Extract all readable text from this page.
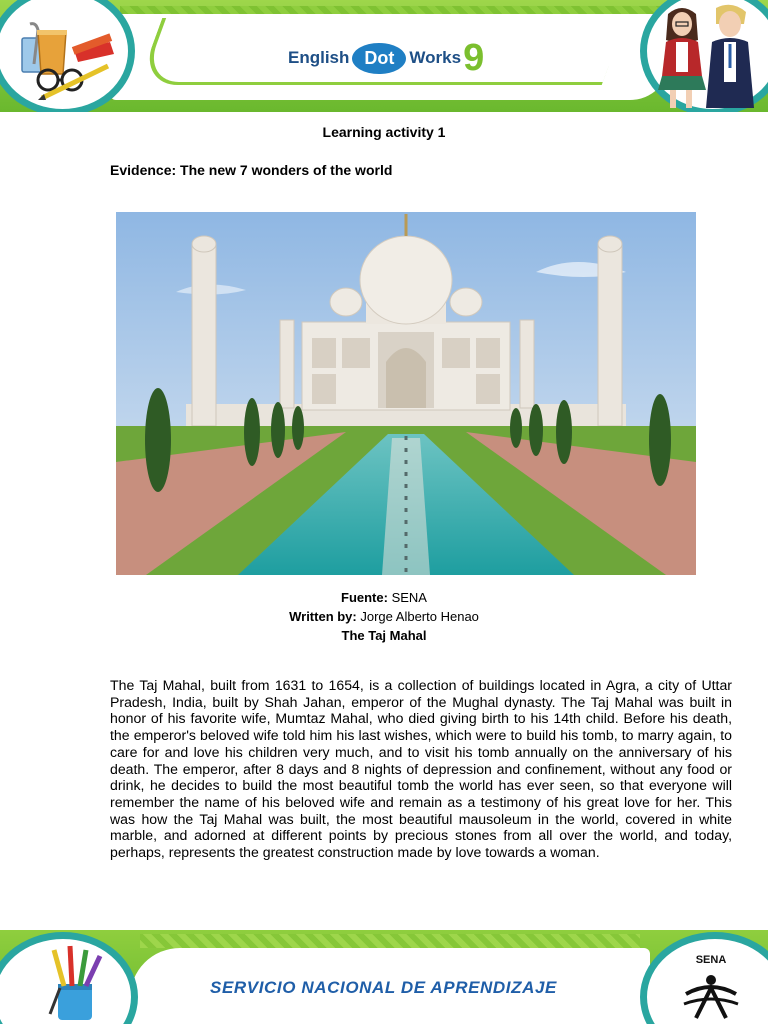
English Dot Works 9
Learning activity 1
Evidence: The new 7 wonders of the world
Fuente: SENA
Written by: Jorge Alberto Henao
The Taj Mahal

The Taj Mahal, built from 1631 to 1654, is a collection of buildings located in Agra, a city of Uttar Pradesh, India, built by Shah Jahan, emperor of the Mughal dynasty. The Taj Mahal was built in honor of his favorite wife, Mumtaz Mahal, who died giving birth to his 14th child. Before his death, the emperor's beloved wife told him his last wishes, which were to build his tomb, to marry again, to care for and love his children very much, and to visit his tomb annually on the anniversary of his death. The emperor, after 8 days and 8 nights of depression and confinement, without any food or drink, he decides to build the most beautiful tomb the world has ever seen, so that everyone will remember the name of his beloved wife and remain as a testimony of his great love for her. This was how the Taj Mahal was built, the most beautiful mausoleum in the world, covered in white marble, and adorned at different points by precious stones from all over the world, and today, perhaps, represents the greatest construction made by love towards a woman.

SERVICIO NACIONAL DE APRENDIZAJE
SENA
